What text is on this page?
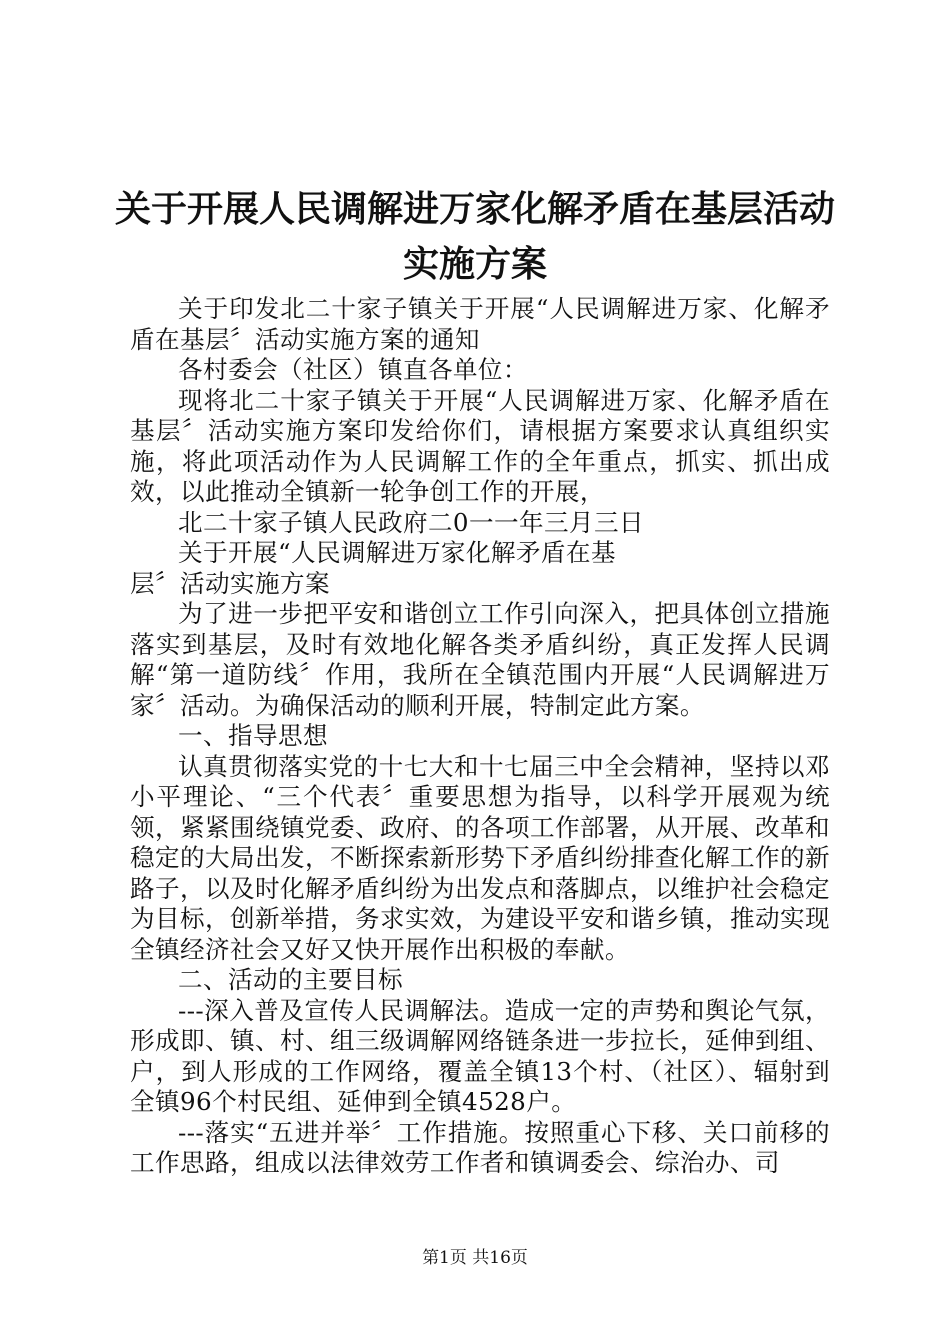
关于开展人民调解进万家化解矛盾在基层活动
实施方案

关于印发北二十家子镇关于开展“人民调解进万家、化解矛盾在基层〞活动实施方案的通知

各村委会（社区）镇直各单位：

现将北二十家子镇关于开展“人民调解进万家、化解矛盾在基层〞活动实施方案印发给你们，请根据方案要求认真组织实施，将此项活动作为人民调解工作的全年重点，抓实、抓出成效，以此推动全镇新一轮争创工作的开展，

北二十家子镇人民政府二0一一年三月三日

关于开展“人民调解进万家化解矛盾在基层〞活动实施方案

为了进一步把平安和谐创立工作引向深入，把具体创立措施落实到基层，及时有效地化解各类矛盾纠纷，真正发挥人民调解“第一道防线〞作用，我所在全镇范围内开展“人民调解进万家〞活动。为确保活动的顺利开展，特制定此方案。

一、指导思想

认真贯彻落实党的十七大和十七届三中全会精神，坚持以邓小平理论、“三个代表〞重要思想为指导，以科学开展观为统领，紧紧围绕镇党委、政府、的各项工作部署，从开展、改革和稳定的大局出发，不断探索新形势下矛盾纠纷排查化解工作的新路子，以及时化解矛盾纠纷为出发点和落脚点，以维护社会稳定为目标，创新举措，务求实效，为建设平安和谐乡镇，推动实现全镇经济社会又好又快开展作出积极的奉献。

二、活动的主要目标

---深入普及宣传人民调解法。造成一定的声势和舆论气氛，形成即、镇、村、组三级调解网络链条进一步拉长，延伸到组、户，到人形成的工作网络，覆盖全镇13个村、（社区）、辐射到全镇96个村民组、延伸到全镇4528户。

---落实“五进并举〞工作措施。按照重心下移、关口前移的工作思路，组成以法律效劳工作者和镇调委会、综治办、司

第1页 共16页
